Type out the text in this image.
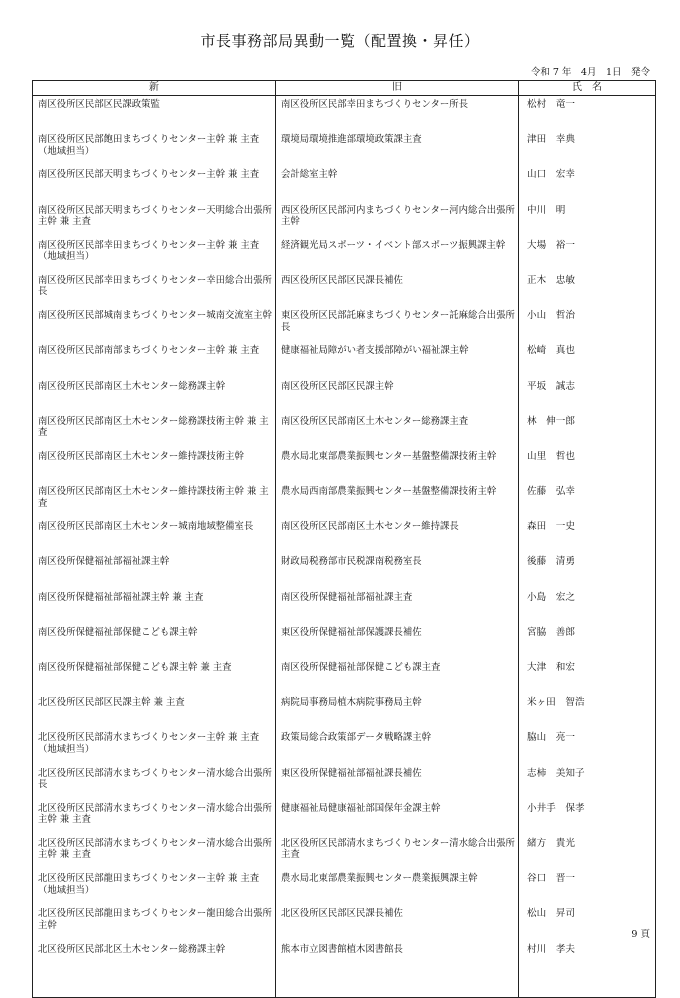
市長事務部局異動一覧（配置換・昇任）
令和 7 年　4月　1日　発令
新	旧	氏　名
南区役所区民部区民課政策監	南区役所区民部幸田まちづくりセンター所長	松村　竜一
南区役所区民部飽田まちづくりセンター主幹 兼 主査（地域担当）	環境局環境推進部環境政策課主査	津田　幸典
南区役所区民部天明まちづくりセンター主幹 兼 主査	会計総室主幹	山口　宏幸
南区役所区民部天明まちづくりセンター天明総合出張所主幹 兼 主査	西区役所区民部河内まちづくりセンター河内総合出張所主幹	中川　明
南区役所区民部幸田まちづくりセンター主幹 兼 主査（地域担当）	経済観光局スポーツ・イベント部スポーツ振興課主幹	大場　裕一
南区役所区民部幸田まちづくりセンター幸田総合出張所長	西区役所区民部区民課長補佐	正木　忠敏
南区役所区民部城南まちづくりセンター城南交流室主幹	東区役所区民部託麻まちづくりセンター託麻総合出張所長	小山　哲治
南区役所区民部南部まちづくりセンター主幹 兼 主査	健康福祉局障がい者支援部障がい福祉課主幹	松崎　真也
南区役所区民部南区土木センター総務課主幹	南区役所区民部区民課主幹	平坂　誠志
南区役所区民部南区土木センター総務課技術主幹 兼 主査	南区役所区民部南区土木センター総務課主査	林　伸一郎
南区役所区民部南区土木センター維持課技術主幹	農水局北東部農業振興センター基盤整備課技術主幹	山里　哲也
南区役所区民部南区土木センター維持課技術主幹 兼 主査	農水局西南部農業振興センター基盤整備課技術主幹	佐藤　弘幸
南区役所区民部南区土木センター城南地域整備室長	南区役所区民部南区土木センター維持課長	森田　一史
南区役所保健福祉部福祉課主幹	財政局税務部市民税課南税務室長	後藤　清勇
南区役所保健福祉部福祉課主幹 兼 主査	南区役所保健福祉部福祉課主査	小島　宏之
南区役所保健福祉部保健こども課主幹	東区役所保健福祉部保護課長補佐	宮脇　善郎
南区役所保健福祉部保健こども課主幹 兼 主査	南区役所保健福祉部保健こども課主査	大津　和宏
北区役所区民部区民課主幹 兼 主査	病院局事務局植木病院事務局主幹	米ヶ田　智浩
北区役所区民部清水まちづくりセンター主幹 兼 主査（地域担当）	政策局総合政策部データ戦略課主幹	脇山　亮一
北区役所区民部清水まちづくりセンター清水総合出張所長	東区役所保健福祉部福祉課長補佐	志柿　美知子
北区役所区民部清水まちづくりセンター清水総合出張所主幹 兼 主査	健康福祉局健康福祉部国保年金課主幹	小井手　保孝
北区役所区民部清水まちづくりセンター清水総合出張所主幹 兼 主査	北区役所区民部清水まちづくりセンター清水総合出張所主査	緒方　貴光
北区役所区民部龍田まちづくりセンター主幹 兼 主査（地域担当）	農水局北東部農業振興センター農業振興課主幹	谷口　晋一
北区役所区民部龍田まちづくりセンター龍田総合出張所主幹	北区役所区民部区民課長補佐	松山　昇司
北区役所区民部北区土木センター総務課主幹	熊本市立図書館植木図書館長	村川　孝夫

9 頁
